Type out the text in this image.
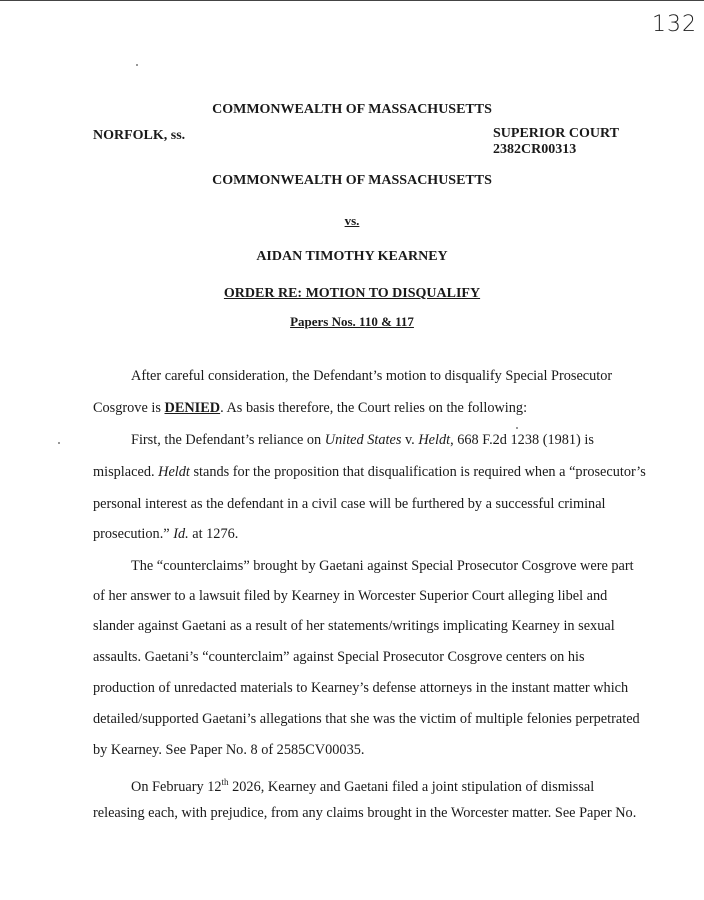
132
COMMONWEALTH OF MASSACHUSETTS
NORFOLK, ss.	SUPERIOR COURT
2382CR00313
COMMONWEALTH OF MASSACHUSETTS
vs.
AIDAN TIMOTHY KEARNEY
ORDER RE: MOTION TO DISQUALIFY
Papers Nos. 110 & 117
After careful consideration, the Defendant’s motion to disqualify Special Prosecutor
Cosgrove is DENIED. As basis therefore, the Court relies on the following:
First, the Defendant’s reliance on United States v. Heldt, 668 F.2d 1238 (1981) is
misplaced. Heldt stands for the proposition that disqualification is required when a “prosecutor’s
personal interest as the defendant in a civil case will be furthered by a successful criminal
prosecution.” Id. at 1276.
The “counterclaims” brought by Gaetani against Special Prosecutor Cosgrove were part
of her answer to a lawsuit filed by Kearney in Worcester Superior Court alleging libel and
slander against Gaetani as a result of her statements/writings implicating Kearney in sexual
assaults. Gaetani’s “counterclaim” against Special Prosecutor Cosgrove centers on his
production of unredacted materials to Kearney’s defense attorneys in the instant matter which
detailed/supported Gaetani’s allegations that she was the victim of multiple felonies perpetrated
by Kearney. See Paper No. 8 of 2585CV00035.
On February 12th 2026, Kearney and Gaetani filed a joint stipulation of dismissal
releasing each, with prejudice, from any claims brought in the Worcester matter. See Paper No.
